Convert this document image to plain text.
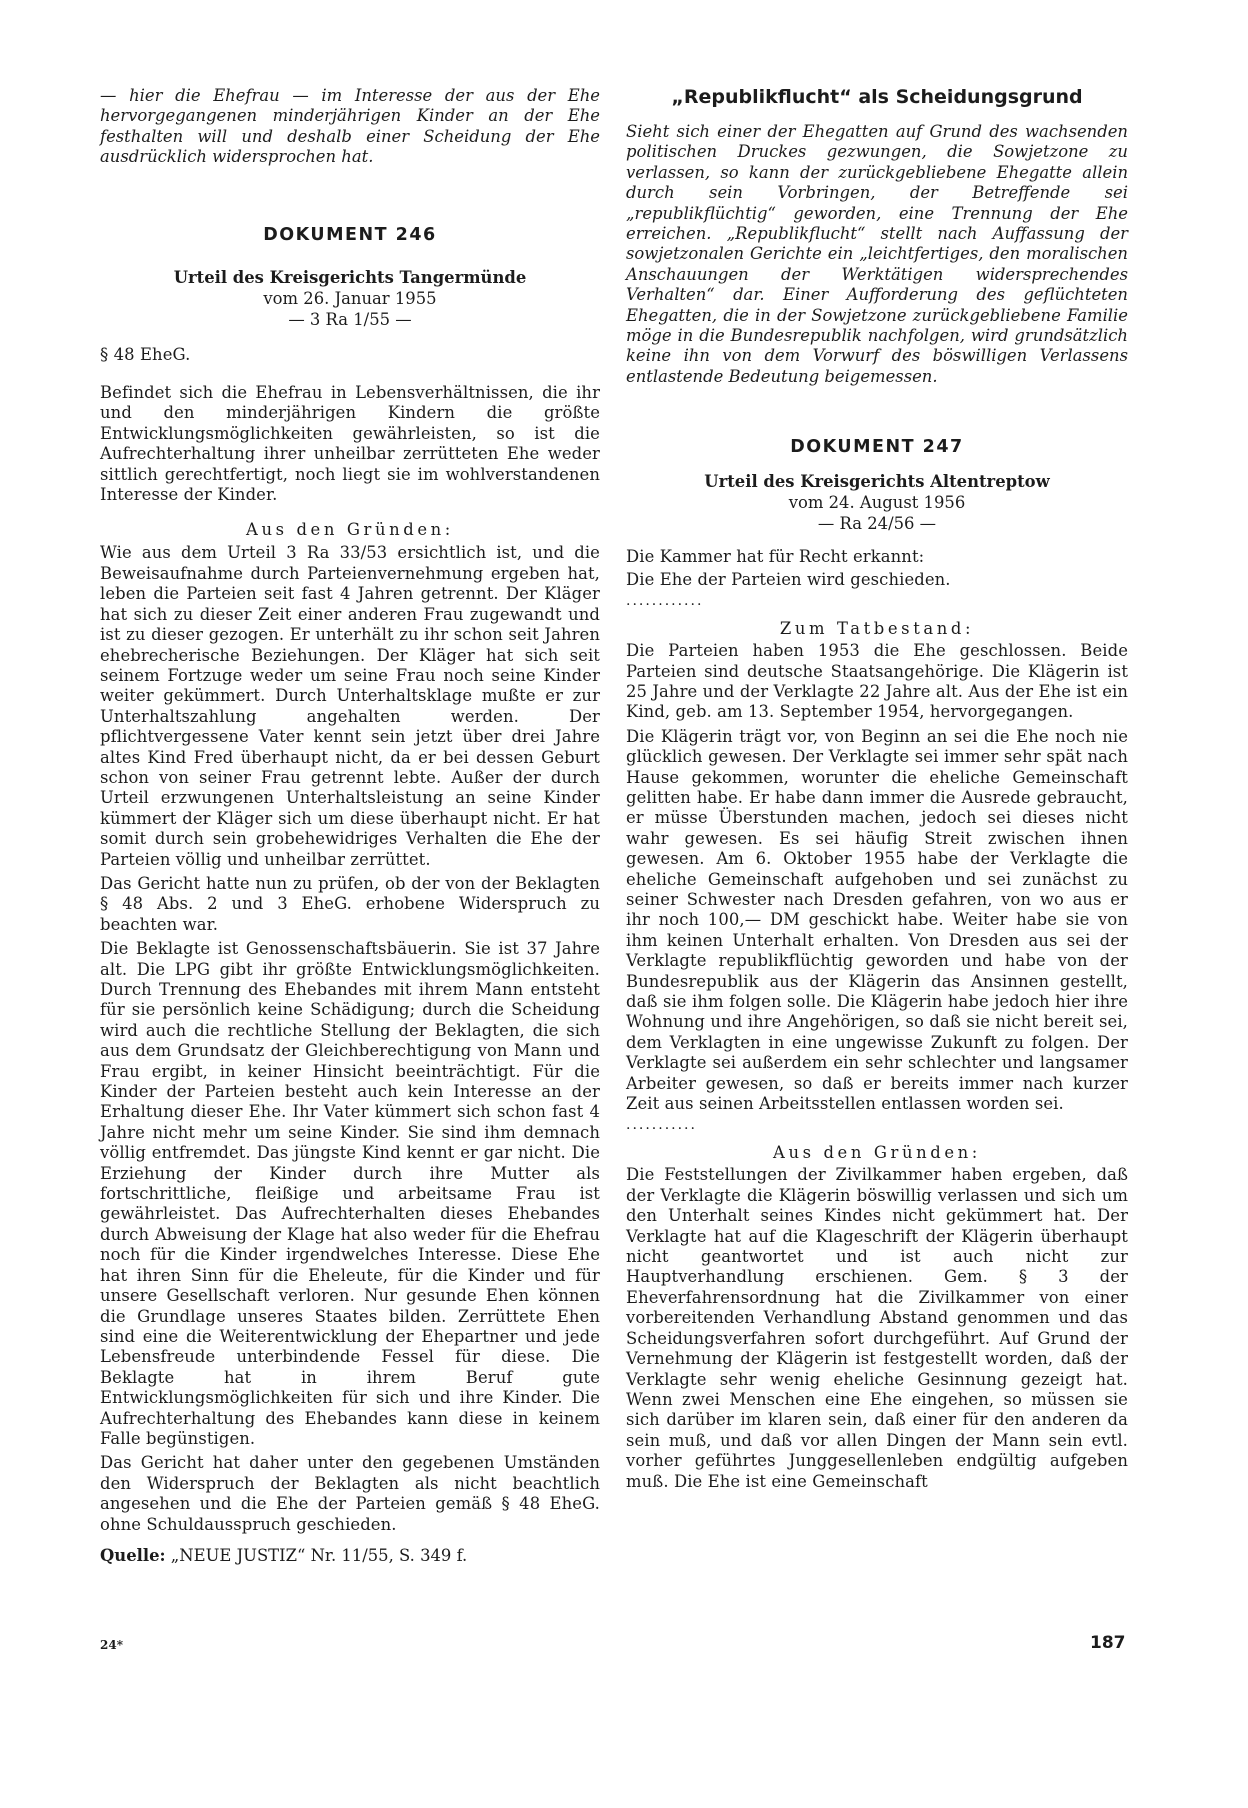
— hier die Ehefrau — im Interesse der aus der Ehe hervorgegangenen minderjährigen Kinder an der Ehe festhalten will und deshalb einer Scheidung der Ehe ausdrücklich widersprochen hat.

DOKUMENT 246

Urteil des Kreisgerichts Tangermünde

vom 26. Januar 1955

— 3 Ra 1/55 —

§ 48 EheG.

Befindet sich die Ehefrau in Lebensverhältnissen, die ihr und den minderjährigen Kindern die größte Entwicklungsmöglichkeiten gewährleisten, so ist die Aufrechterhaltung ihrer unheilbar zerrütteten Ehe weder sittlich gerechtfertigt, noch liegt sie im wohlverstandenen Interesse der Kinder.

Aus den Gründen:

Wie aus dem Urteil 3 Ra 33/53 ersichtlich ist, und die Beweisaufnahme durch Parteienvernehmung ergeben hat, leben die Parteien seit fast 4 Jahren getrennt. Der Kläger hat sich zu dieser Zeit einer anderen Frau zugewandt und ist zu dieser gezogen. Er unterhält zu ihr schon seit Jahren ehebrecherische Beziehungen. Der Kläger hat sich seit seinem Fortzuge weder um seine Frau noch seine Kinder weiter gekümmert. Durch Unterhaltsklage mußte er zur Unterhaltszahlung angehalten werden. Der pflichtvergessene Vater kennt sein jetzt über drei Jahre altes Kind Fred überhaupt nicht, da er bei dessen Geburt schon von seiner Frau getrennt lebte. Außer der durch Urteil erzwungenen Unterhaltsleistung an seine Kinder kümmert der Kläger sich um diese überhaupt nicht. Er hat somit durch sein grobehewidriges Verhalten die Ehe der Parteien völlig und unheilbar zerrüttet.

Das Gericht hatte nun zu prüfen, ob der von der Beklagten § 48 Abs. 2 und 3 EheG. erhobene Widerspruch zu beachten war.

Die Beklagte ist Genossenschaftsbäuerin. Sie ist 37 Jahre alt. Die LPG gibt ihr größte Entwicklungsmöglichkeiten. Durch Trennung des Ehebandes mit ihrem Mann entsteht für sie persönlich keine Schädigung; durch die Scheidung wird auch die rechtliche Stellung der Beklagten, die sich aus dem Grundsatz der Gleichberechtigung von Mann und Frau ergibt, in keiner Hinsicht beeinträchtigt. Für die Kinder der Parteien besteht auch kein Interesse an der Erhaltung dieser Ehe. Ihr Vater kümmert sich schon fast 4 Jahre nicht mehr um seine Kinder. Sie sind ihm demnach völlig entfremdet. Das jüngste Kind kennt er gar nicht. Die Erziehung der Kinder durch ihre Mutter als fortschrittliche, fleißige und arbeitsame Frau ist gewährleistet. Das Aufrechterhalten dieses Ehebandes durch Abweisung der Klage hat also weder für die Ehefrau noch für die Kinder irgendwelches Interesse. Diese Ehe hat ihren Sinn für die Eheleute, für die Kinder und für unsere Gesellschaft verloren. Nur gesunde Ehen können die Grundlage unseres Staates bilden. Zerrüttete Ehen sind eine die Weiterentwicklung der Ehepartner und jede Lebensfreude unterbindende Fessel für diese. Die Beklagte hat in ihrem Beruf gute Entwicklungsmöglichkeiten für sich und ihre Kinder. Die Aufrechterhaltung des Ehebandes kann diese in keinem Falle begünstigen.

Das Gericht hat daher unter den gegebenen Umständen den Widerspruch der Beklagten als nicht beachtlich angesehen und die Ehe der Parteien gemäß § 48 EheG. ohne Schuldausspruch geschieden.

Quelle: „NEUE JUSTIZ“ Nr. 11/55, S. 349 f.

„Republikflucht“ als Scheidungsgrund

Sieht sich einer der Ehegatten auf Grund des wachsenden politischen Druckes gezwungen, die Sowjetzone zu verlassen, so kann der zurückgebliebene Ehegatte allein durch sein Vorbringen, der Betreffende sei „republikflüchtig“ geworden, eine Trennung der Ehe erreichen. „Republikflucht“ stellt nach Auffassung der sowjetzonalen Gerichte ein „leichtfertiges, den moralischen Anschauungen der Werktätigen widersprechendes Verhalten“ dar. Einer Aufforderung des geflüchteten Ehegatten, die in der Sowjetzone zurückgebliebene Familie möge in die Bundesrepublik nachfolgen, wird grundsätzlich keine ihn von dem Vorwurf des böswilligen Verlassens entlastende Bedeutung beigemessen.

DOKUMENT 247

Urteil des Kreisgerichts Altentreptow

vom 24. August 1956

— Ra 24/56 —

Die Kammer hat für Recht erkannt:

Die Ehe der Parteien wird geschieden.

............

Zum Tatbestand:

Die Parteien haben 1953 die Ehe geschlossen. Beide Parteien sind deutsche Staatsangehörige. Die Klägerin ist 25 Jahre und der Verklagte 22 Jahre alt. Aus der Ehe ist ein Kind, geb. am 13. September 1954, hervorgegangen.

Die Klägerin trägt vor, von Beginn an sei die Ehe noch nie glücklich gewesen. Der Verklagte sei immer sehr spät nach Hause gekommen, worunter die eheliche Gemeinschaft gelitten habe. Er habe dann immer die Ausrede gebraucht, er müsse Überstunden machen, jedoch sei dieses nicht wahr gewesen. Es sei häufig Streit zwischen ihnen gewesen. Am 6. Oktober 1955 habe der Verklagte die eheliche Gemeinschaft aufgehoben und sei zunächst zu seiner Schwester nach Dresden gefahren, von wo aus er ihr noch 100,— DM geschickt habe. Weiter habe sie von ihm keinen Unterhalt erhalten. Von Dresden aus sei der Verklagte republikflüchtig geworden und habe von der Bundesrepublik aus der Klägerin das Ansinnen gestellt, daß sie ihm folgen solle. Die Klägerin habe jedoch hier ihre Wohnung und ihre Angehörigen, so daß sie nicht bereit sei, dem Verklagten in eine ungewisse Zukunft zu folgen. Der Verklagte sei außerdem ein sehr schlechter und langsamer Arbeiter gewesen, so daß er bereits immer nach kurzer Zeit aus seinen Arbeitsstellen entlassen worden sei.

...........

Aus den Gründen:

Die Feststellungen der Zivilkammer haben ergeben, daß der Verklagte die Klägerin böswillig verlassen und sich um den Unterhalt seines Kindes nicht gekümmert hat. Der Verklagte hat auf die Klageschrift der Klägerin überhaupt nicht geantwortet und ist auch nicht zur Hauptverhandlung erschienen. Gem. § 3 der Eheverfahrensordnung hat die Zivilkammer von einer vorbereitenden Verhandlung Abstand genommen und das Scheidungsverfahren sofort durchgeführt. Auf Grund der Vernehmung der Klägerin ist festgestellt worden, daß der Verklagte sehr wenig eheliche Gesinnung gezeigt hat. Wenn zwei Menschen eine Ehe eingehen, so müssen sie sich darüber im klaren sein, daß einer für den anderen da sein muß, und daß vor allen Dingen der Mann sein evtl. vorher geführtes Junggesellenleben endgültig aufgeben muß. Die Ehe ist eine Gemeinschaft

24*	187
